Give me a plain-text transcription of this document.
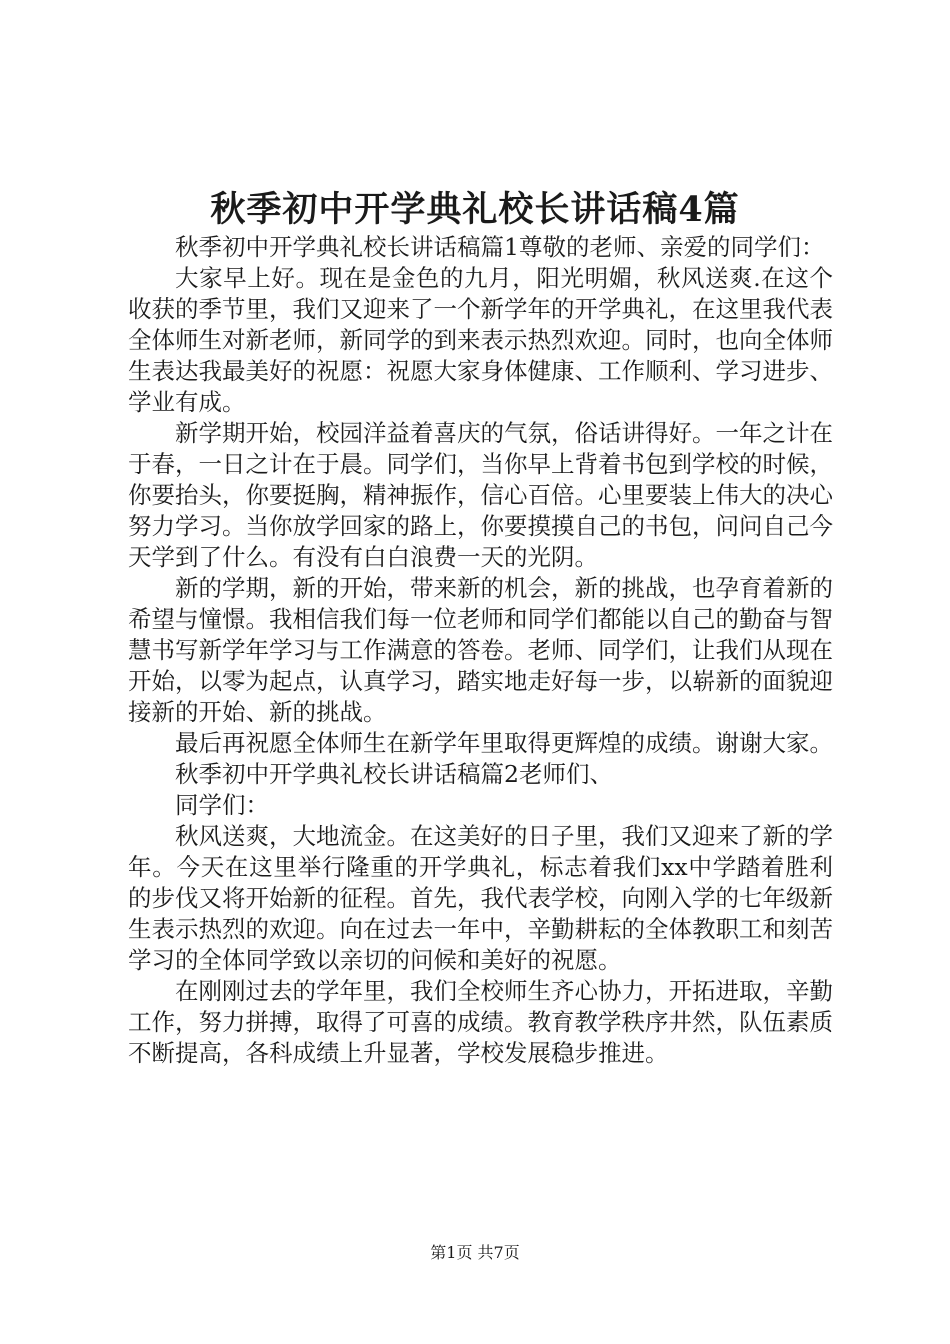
秋季初中开学典礼校长讲话稿4篇

秋季初中开学典礼校长讲话稿篇1尊敬的老师、亲爱的同学们：

大家早上好。现在是金色的九月，阳光明媚，秋风送爽.在这个收获的季节里，我们又迎来了一个新学年的开学典礼，在这里我代表全体师生对新老师，新同学的到来表示热烈欢迎。同时，也向全体师生表达我最美好的祝愿：祝愿大家身体健康、工作顺利、学习进步、学业有成。

新学期开始，校园洋益着喜庆的气氛，俗话讲得好。一年之计在于春，一日之计在于晨。同学们，当你早上背着书包到学校的时候，你要抬头，你要挺胸，精神振作，信心百倍。心里要装上伟大的决心努力学习。当你放学回家的路上，你要摸摸自己的书包，问问自己今天学到了什么。有没有白白浪费一天的光阴。

新的学期，新的开始，带来新的机会，新的挑战，也孕育着新的希望与憧憬。我相信我们每一位老师和同学们都能以自己的勤奋与智慧书写新学年学习与工作满意的答卷。老师、同学们，让我们从现在开始，以零为起点，认真学习，踏实地走好每一步，以崭新的面貌迎接新的开始、新的挑战。

最后再祝愿全体师生在新学年里取得更辉煌的成绩。谢谢大家。

秋季初中开学典礼校长讲话稿篇2老师们、

同学们：

秋风送爽，大地流金。在这美好的日子里，我们又迎来了新的学年。今天在这里举行隆重的开学典礼，标志着我们xx中学踏着胜利的步伐又将开始新的征程。首先，我代表学校，向刚入学的七年级新生表示热烈的欢迎。向在过去一年中，辛勤耕耘的全体教职工和刻苦学习的全体同学致以亲切的问候和美好的祝愿。

在刚刚过去的学年里，我们全校师生齐心协力，开拓进取，辛勤工作，努力拼搏，取得了可喜的成绩。教育教学秩序井然，队伍素质不断提高，各科成绩上升显著，学校发展稳步推进。

第1页 共7页
